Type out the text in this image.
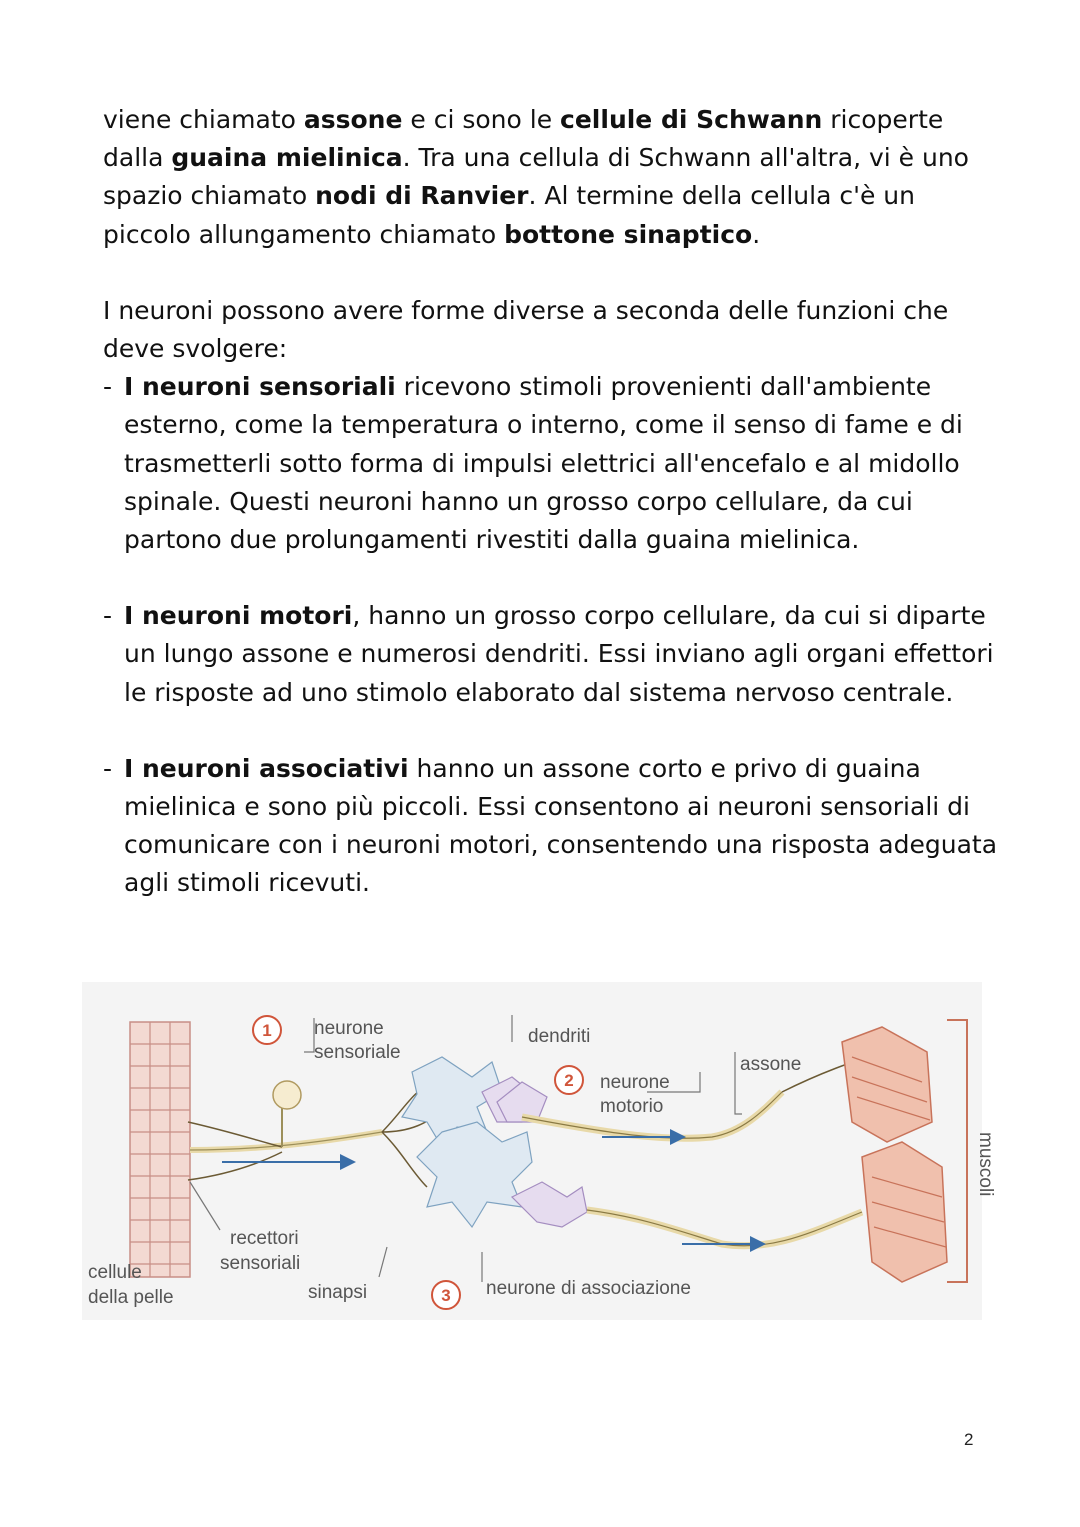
viene chiamato assone e ci sono le cellule di Schwann ricoperte dalla guaina mielinica. Tra una cellula di Schwann all'altra, vi è uno spazio chiamato nodi di Ranvier. Al termine della cellula c'è un piccolo allungamento chiamato bottone sinaptico.

I neuroni possono avere forme diverse a seconda delle funzioni che deve svolgere:

- I neuroni sensoriali ricevono stimoli provenienti dall'ambiente esterno, come la temperatura o interno, come il senso di fame e di trasmetterli sotto forma di impulsi elettrici all'encefalo e al midollo spinale. Questi neuroni hanno un grosso corpo cellulare, da cui partono due prolungamenti rivestiti dalla guaina mielinica.
- I neuroni motori, hanno un grosso corpo cellulare, da cui si diparte un lungo assone e numerosi dendriti. Essi inviano agli organi effettori le risposte ad uno stimolo elaborato dal sistema nervoso centrale.
- I neuroni associativi hanno un assone corto e privo di guaina mielinica e sono più piccoli. Essi consentono ai neuroni sensoriali di comunicare con i neuroni motori, consentendo una risposta adeguata agli stimoli ricevuti.
1
2
3
neurone
sensoriale
dendriti
neurone
motorio
assone
muscoli
recettori
sensoriali
cellule
della pelle	sinapsi	neurone di associazione
2
